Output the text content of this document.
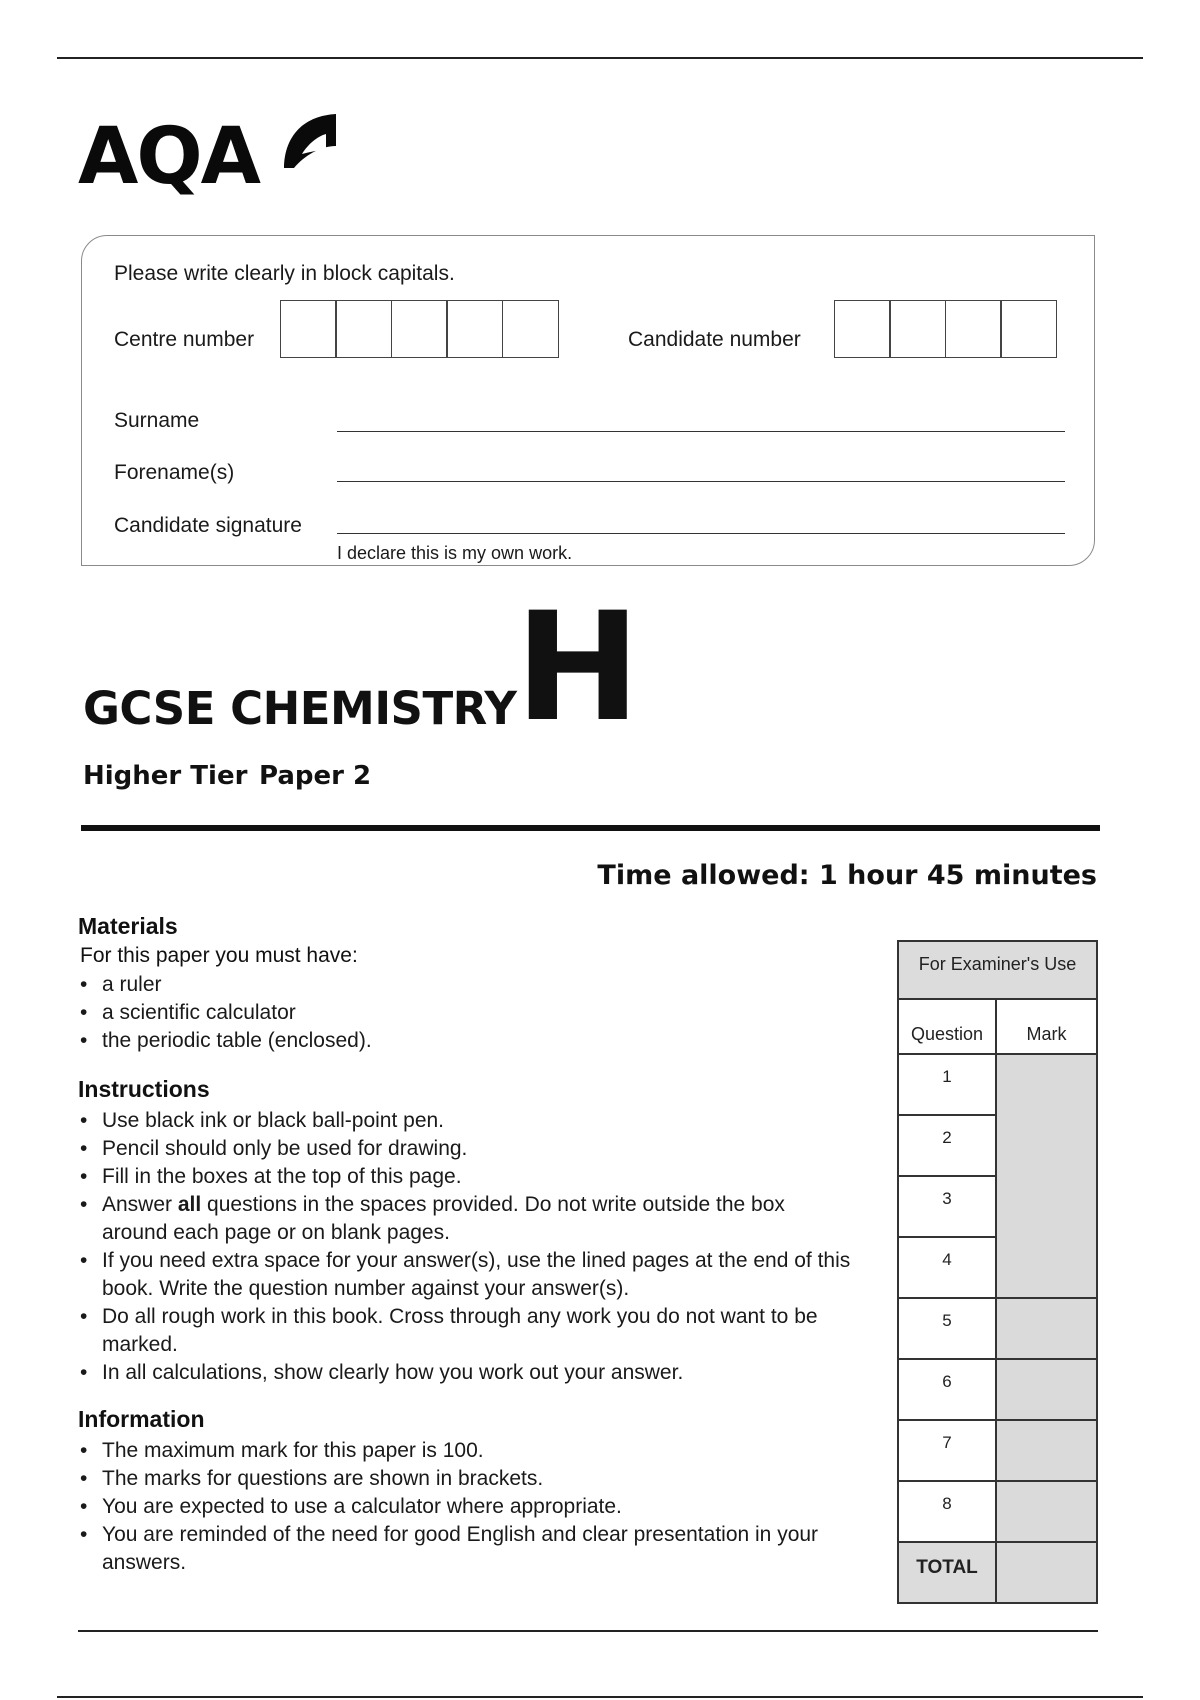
AQA
Please write clearly in block capitals.
Centre number	Candidate number
Surname
Forename(s)
Candidate signature
I declare this is my own work.
GCSE CHEMISTRY
H
Higher Tier Paper 2
Time allowed: 1 hour 45 minutes
Materials
For this paper you must have:
• a ruler
• a scientific calculator
• the periodic table (enclosed).
Instructions
• Use black ink or black ball-point pen.
• Pencil should only be used for drawing.
• Fill in the boxes at the top of this page.
• Answer all questions in the spaces provided. Do not write outside the box around each page or on blank pages.
• If you need extra space for your answer(s), use the lined pages at the end of this book. Write the question number against your answer(s).
• Do all rough work in this book. Cross through any work you do not want to be marked.
• In all calculations, show clearly how you work out your answer.
Information
• The maximum mark for this paper is 100.
• The marks for questions are shown in brackets.
• You are expected to use a calculator where appropriate.
• You are reminded of the need for good English and clear presentation in your answers.
For Examiner's Use
Question	Mark
1
2
3
4
5
6
7
8
TOTAL
